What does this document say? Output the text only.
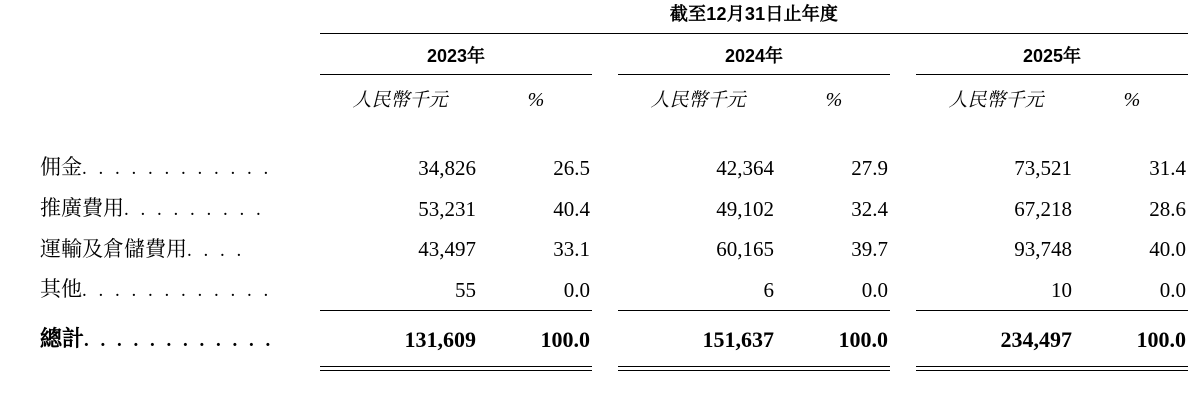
	截至12月31日止年度							

	2023年			2024年			2025年	

	人民幣千元	%		人民幣千元	%		人民幣千元	%

佣金. . . . . . . . . . . .	34,826	26.5		42,364	27.9		73,521	31.4
推廣費用. . . . . . . . .	53,231	40.4		49,102	32.4		67,218	28.6
運輸及倉儲費用. . . .	43,497	33.1		60,165	39.7		93,748	40.0
其他. . . . . . . . . . . .	55	0.0		6	0.0		10	0.0

總計. . . . . . . . . . . .	131,609	100.0		151,637	100.0		234,497	100.0
